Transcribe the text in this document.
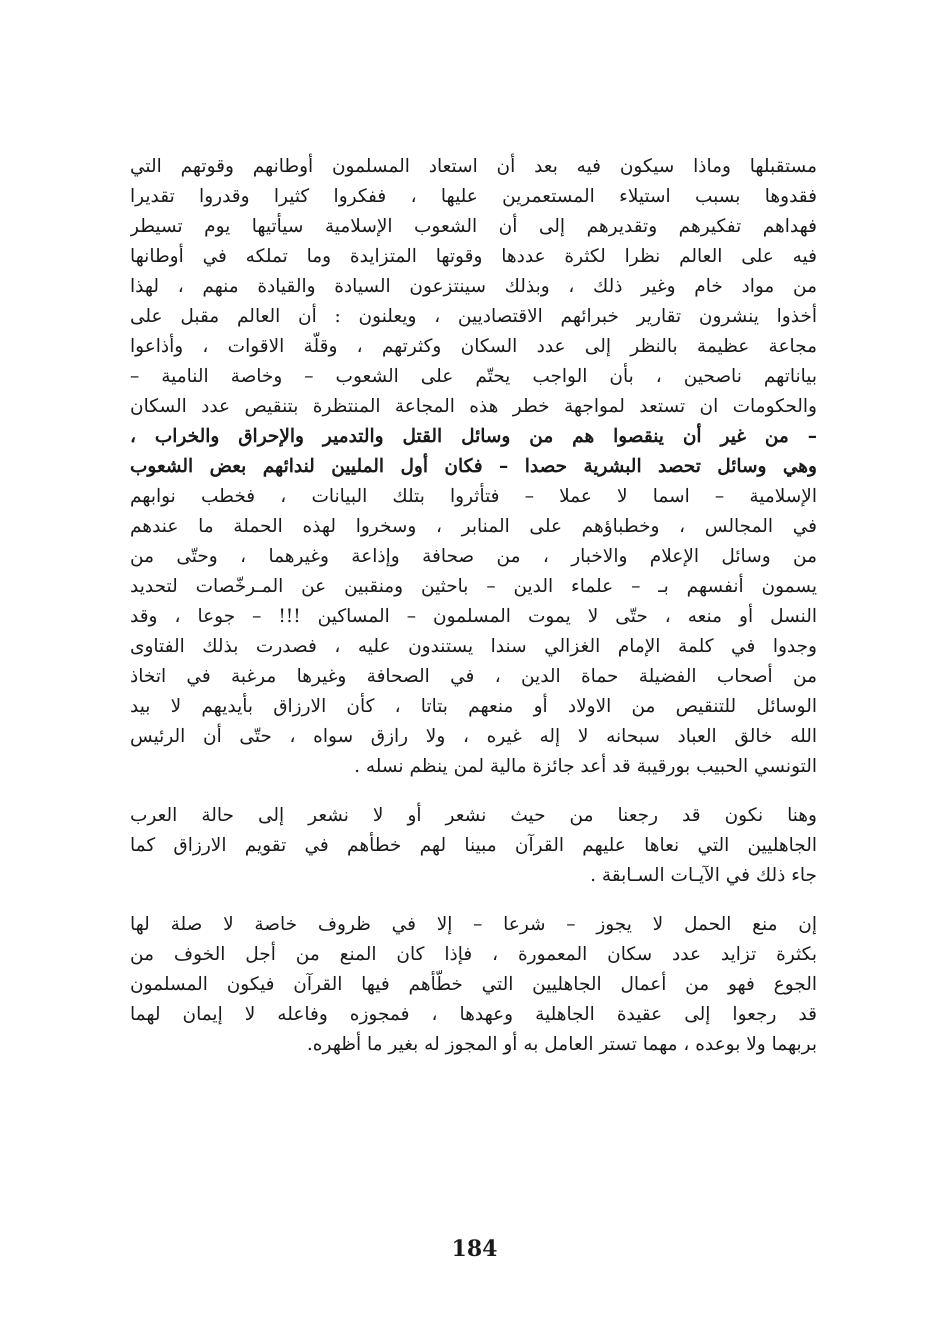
مستقبلها وماذا سيكون فيه بعد أن استعاد المسلمون أوطانهم وقوتهم التي
فقدوها بسبب استيلاء المستعمرين عليها ، ففكروا كثيرا وقدروا تقديرا
فهداهم تفكيرهم وتقديرهم إلى أن الشعوب الإسلامية سيأتيها يوم تسيطر
فيه على العالم نظرا لكثرة عددها وقوتها المتزايدة وما تملكه في أوطانها
من مواد خام وغير ذلك ، وبذلك سينتزعون السيادة والقيادة منهم ، لهذا
أخذوا ينشرون تقارير خبرائهم الاقتصاديين ، ويعلنون : أن العالم مقبل على
مجاعة عظيمة بالنظر إلى عدد السكان وكثرتهم ، وقلّة الاقوات ، وأذاعوا
بياناتهم ناصحين ، بأن الواجب يحتّم على الشعوب – وخاصة النامية –
والحكومات ان تستعد لمواجهة خطر هذه المجاعة المنتظرة بتنقيص عدد السكان
– من غير أن ينقصوا هم من وسائل القتل والتدمير والإحراق والخراب ،
وهي وسائل تحصد البشرية حصدا – فكان أول المليين لندائهم بعض الشعوب
الإسلامية – اسما لا عملا – فتأثروا بتلك البيانات ، فخطب نوابهم
في المجالس ، وخطباؤهم على المنابر ، وسخروا لهذه الحملة ما عندهم
من وسائل الإعلام والاخبار ، من صحافة وإذاعة وغيرهما ، وحتّى من
يسمون أنفسهم بـ – علماء الدين – باحثين ومنقبين عن المـرخّصات لتحديد
النسل أو منعه ، حتّى لا يموت المسلمون – المساكين !!! – جوعا ، وقد
وجدوا في كلمة الإمام الغزالي سندا يستندون عليه ، فصدرت بذلك الفتاوى
من أصحاب الفضيلة حماة الدين ، في الصحافة وغيرها مرغبة في اتخاذ
الوسائل للتنقيص من الاولاد أو منعهم بتاتا ، كأن الارزاق بأيديهم لا بيد
الله خالق العباد سبحانه لا إله غيره ، ولا رازق سواه ، حتّى أن الرئيس
التونسي الحبيب بورقيبة قد أعد جائزة مالية لمن ينظم نسله .
وهنا نكون قد رجعنا من حيث نشعر أو لا نشعر إلى حالة العرب
الجاهليين التي نعاها عليهم القرآن مبينا لهم خطأهم في تقويم الارزاق كما
جاء ذلك في الآيـات السـابقة .
إن منع الحمل لا يجوز – شرعا – إلا في ظروف خاصة لا صلة لها
بكثرة تزايد عدد سكان المعمورة ، فإذا كان المنع من أجل الخوف من
الجوع فهو من أعمال الجاهليين التي خطّأهم فيها القرآن فيكون المسلمون
قد رجعوا إلى عقيدة الجاهلية وعهدها ، فمجوزه وفاعله لا إيمان لهما
بربهما ولا بوعده ، مهما تستر العامل به أو المجوز له بغير ما أظهره.
184
